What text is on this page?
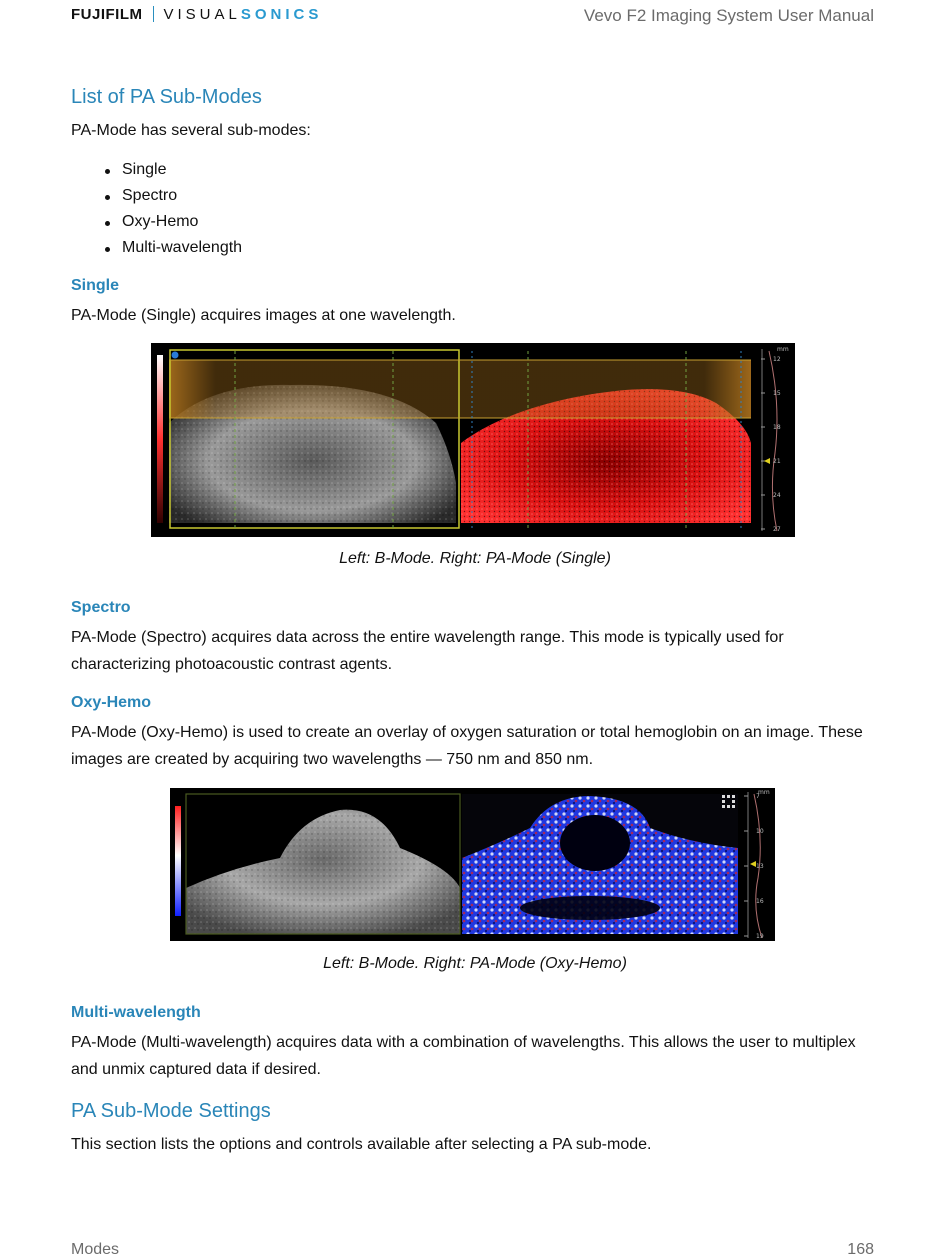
FUJIFILM VISUALSONICS	Vevo F2 Imaging System User Manual
List of PA Sub-Modes
PA-Mode has several sub-modes:
Single
Spectro
Oxy-Hemo
Multi-wavelength
Single
PA-Mode (Single) acquires images at one wavelength.
mm
12
15
18
21
24
27
Left: B-Mode. Right: PA-Mode (Single)
Spectro
PA-Mode (Spectro) acquires data across the entire wavelength range. This mode is typically used for characterizing photoacoustic contrast agents.
Oxy-Hemo
PA-Mode (Oxy-Hemo) is used to create an overlay of oxygen saturation or total hemoglobin on an image. These images are created by acquiring two wavelengths — 750 nm and 850 nm.
mm
7
10
13
16
19
Left: B-Mode. Right: PA-Mode (Oxy-Hemo)
Multi-wavelength
PA-Mode (Multi-wavelength) acquires data with a combination of wavelengths. This allows the user to multiplex and unmix captured data if desired.
PA Sub-Mode Settings
This section lists the options and controls available after selecting a PA sub-mode.
Modes	168
